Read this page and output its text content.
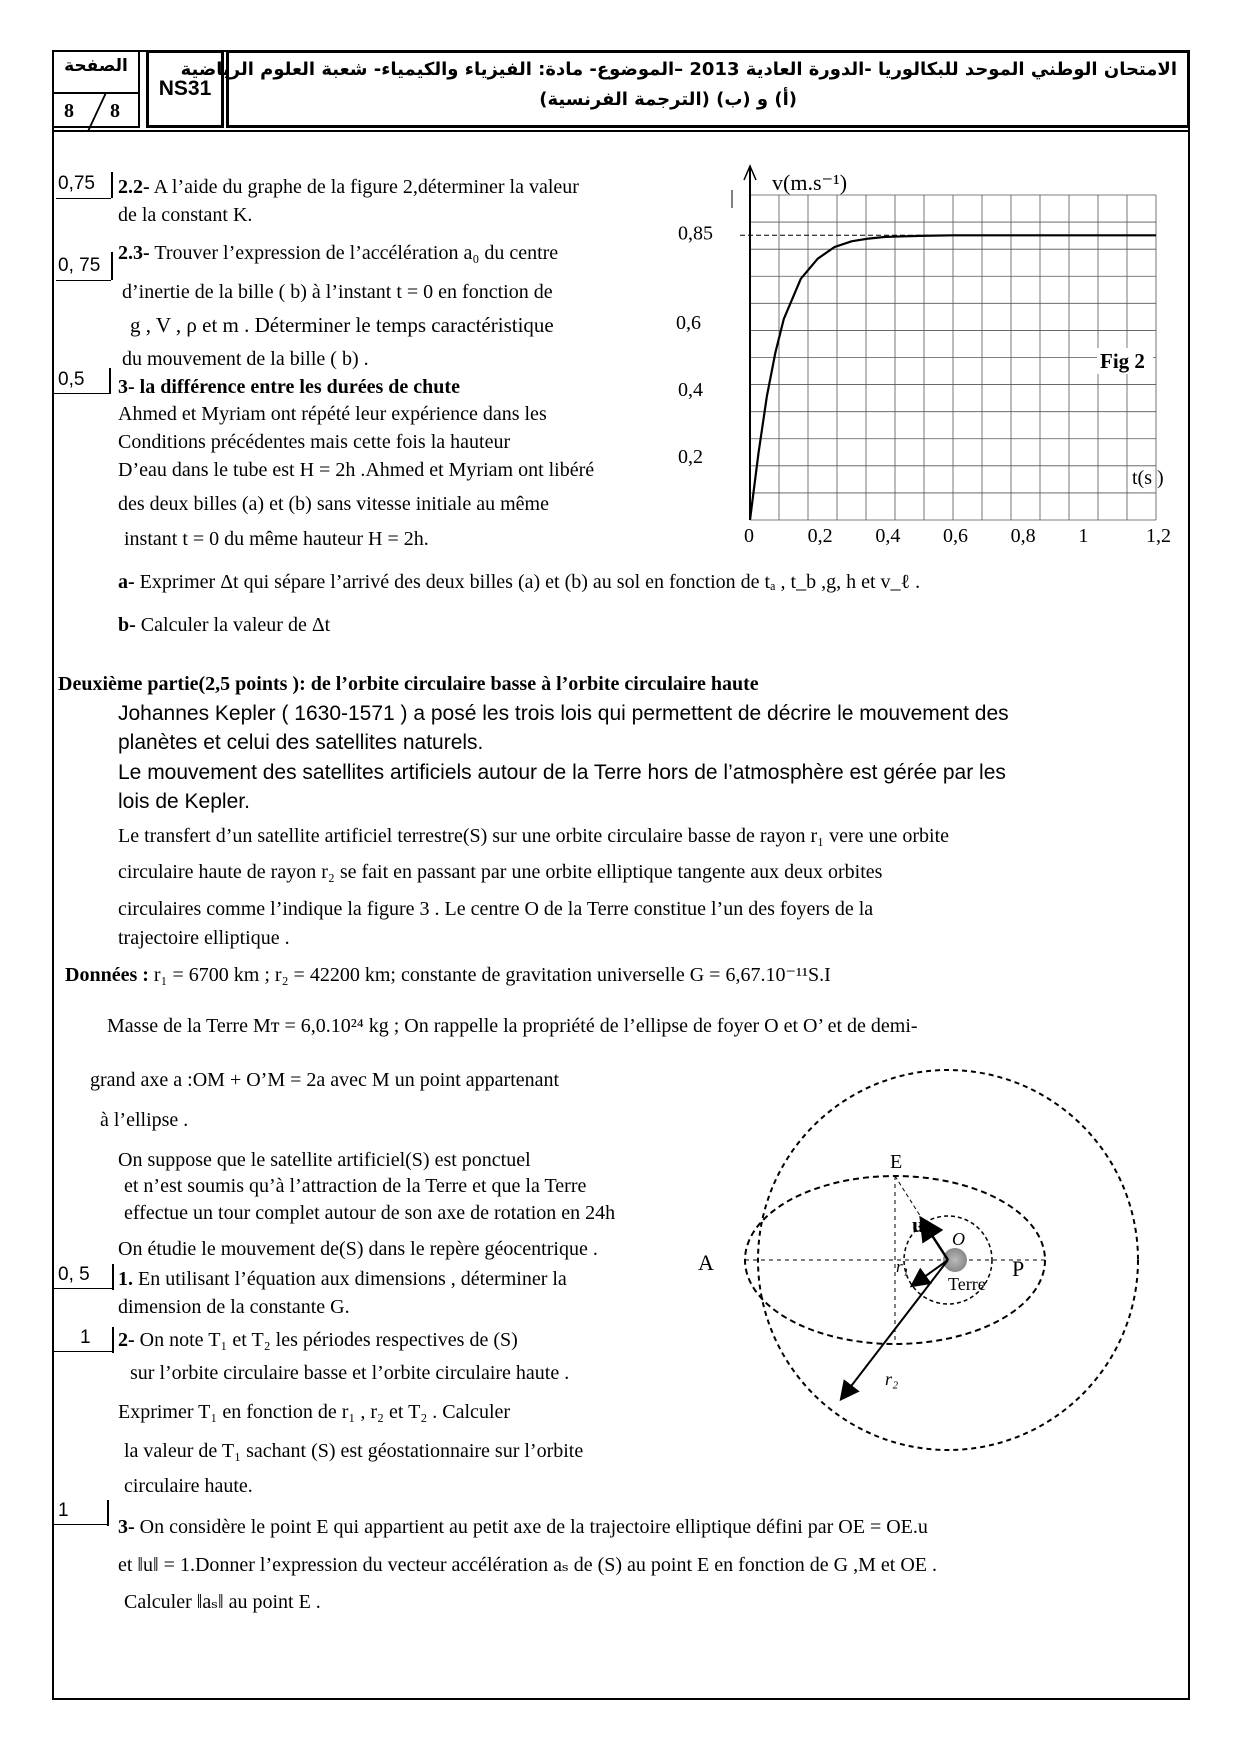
الصفحة
8 8
NS31
الامتحان الوطني الموحد للبكالوريا -الدورة العادية 2013 –الموضوع- مادة: الفيزياء والكيمياء- شعبة العلوم الرياضية
(أ) و (ب) (الترجمة الفرنسية)
0,75 2.2- A l’aide du graphe de la figure 2,déterminer la valeur
de la constant K.
0, 75
2.3- Trouver l’expression de l’accélération a₀ du centre
d’inertie de la bille ( b) à l’instant t = 0 en fonction de
g , V , ρ et m . Déterminer le temps caractéristique
du mouvement de la bille ( b) .
0,5 3- la différence entre les durées de chute
Ahmed et Myriam ont répété leur expérience dans les
Conditions précédentes mais cette fois la hauteur
D’eau dans le tube est H = 2h .Ahmed et Myriam ont libéré
des deux billes (a) et (b) sans vitesse initiale au même
instant t = 0 du même hauteur H = 2h.
a- Exprimer Δt qui sépare l’arrivé des deux billes (a) et (b) au sol en fonction de tₐ , t_b ,g, h et v_ℓ .
b- Calculer la valeur de Δt
0	0,2 0,4 0,6 0,8 1	1,2
0,2
0,4
0,6
0,85
v(m.s⁻¹)
t(s )
Fig 2
Deuxième partie(2,5 points ): de l’orbite circulaire basse à l’orbite circulaire haute
Johannes Kepler ( 1630-1571 ) a posé les trois lois qui permettent de décrire le mouvement des
planètes et celui des satellites naturels.
Le mouvement des satellites artificiels autour de la Terre hors de l’atmosphère est gérée par les
lois de Kepler.
Le transfert d’un satellite artificiel terrestre(S) sur une orbite circulaire basse de rayon r₁ vere une orbite
circulaire haute de rayon r₂ se fait en passant par une orbite elliptique tangente aux deux orbites
circulaires comme l’indique la figure 3 . Le centre O de la Terre constitue l’un des foyers de la
trajectoire elliptique .
Données : r₁ = 6700 km ; r₂ = 42200 km; constante de gravitation universelle G = 6,67.10⁻¹¹S.I
Masse de la Terre Mᴛ = 6,0.10²⁴ kg ; On rappelle la propriété de l’ellipse de foyer O et O’ et de demi-
grand axe a :OM + O’M = 2a avec M un point appartenant
à l’ellipse .
On suppose que le satellite artificiel(S) est ponctuel
et n’est soumis qu’à l’attraction de la Terre et que la Terre
effectue un tour complet autour de son axe de rotation en 24h
On étudie le mouvement de(S) dans le repère géocentrique .
0, 5 1. En utilisant l’équation aux dimensions , déterminer la
dimension de la constante G.
1 2- On note T₁ et T₂ les périodes respectives de (S)
sur l’orbite circulaire basse et l’orbite circulaire haute .
Exprimer T₁ en fonction de r₁ , r₂ et T₂ . Calculer
la valeur de T₁ sachant (S) est géostationnaire sur l’orbite
circulaire haute.
1
3- On considère le point E qui appartient au petit axe de la trajectoire elliptique défini par OE = OE.u
et ‖u‖ = 1.Donner l’expression du vecteur accélération aₛ de (S) au point E en fonction de G ,M et OE .
Calculer ‖aₛ‖ au point E .
E
u
O
A	P
r₁
r₂
Terre
